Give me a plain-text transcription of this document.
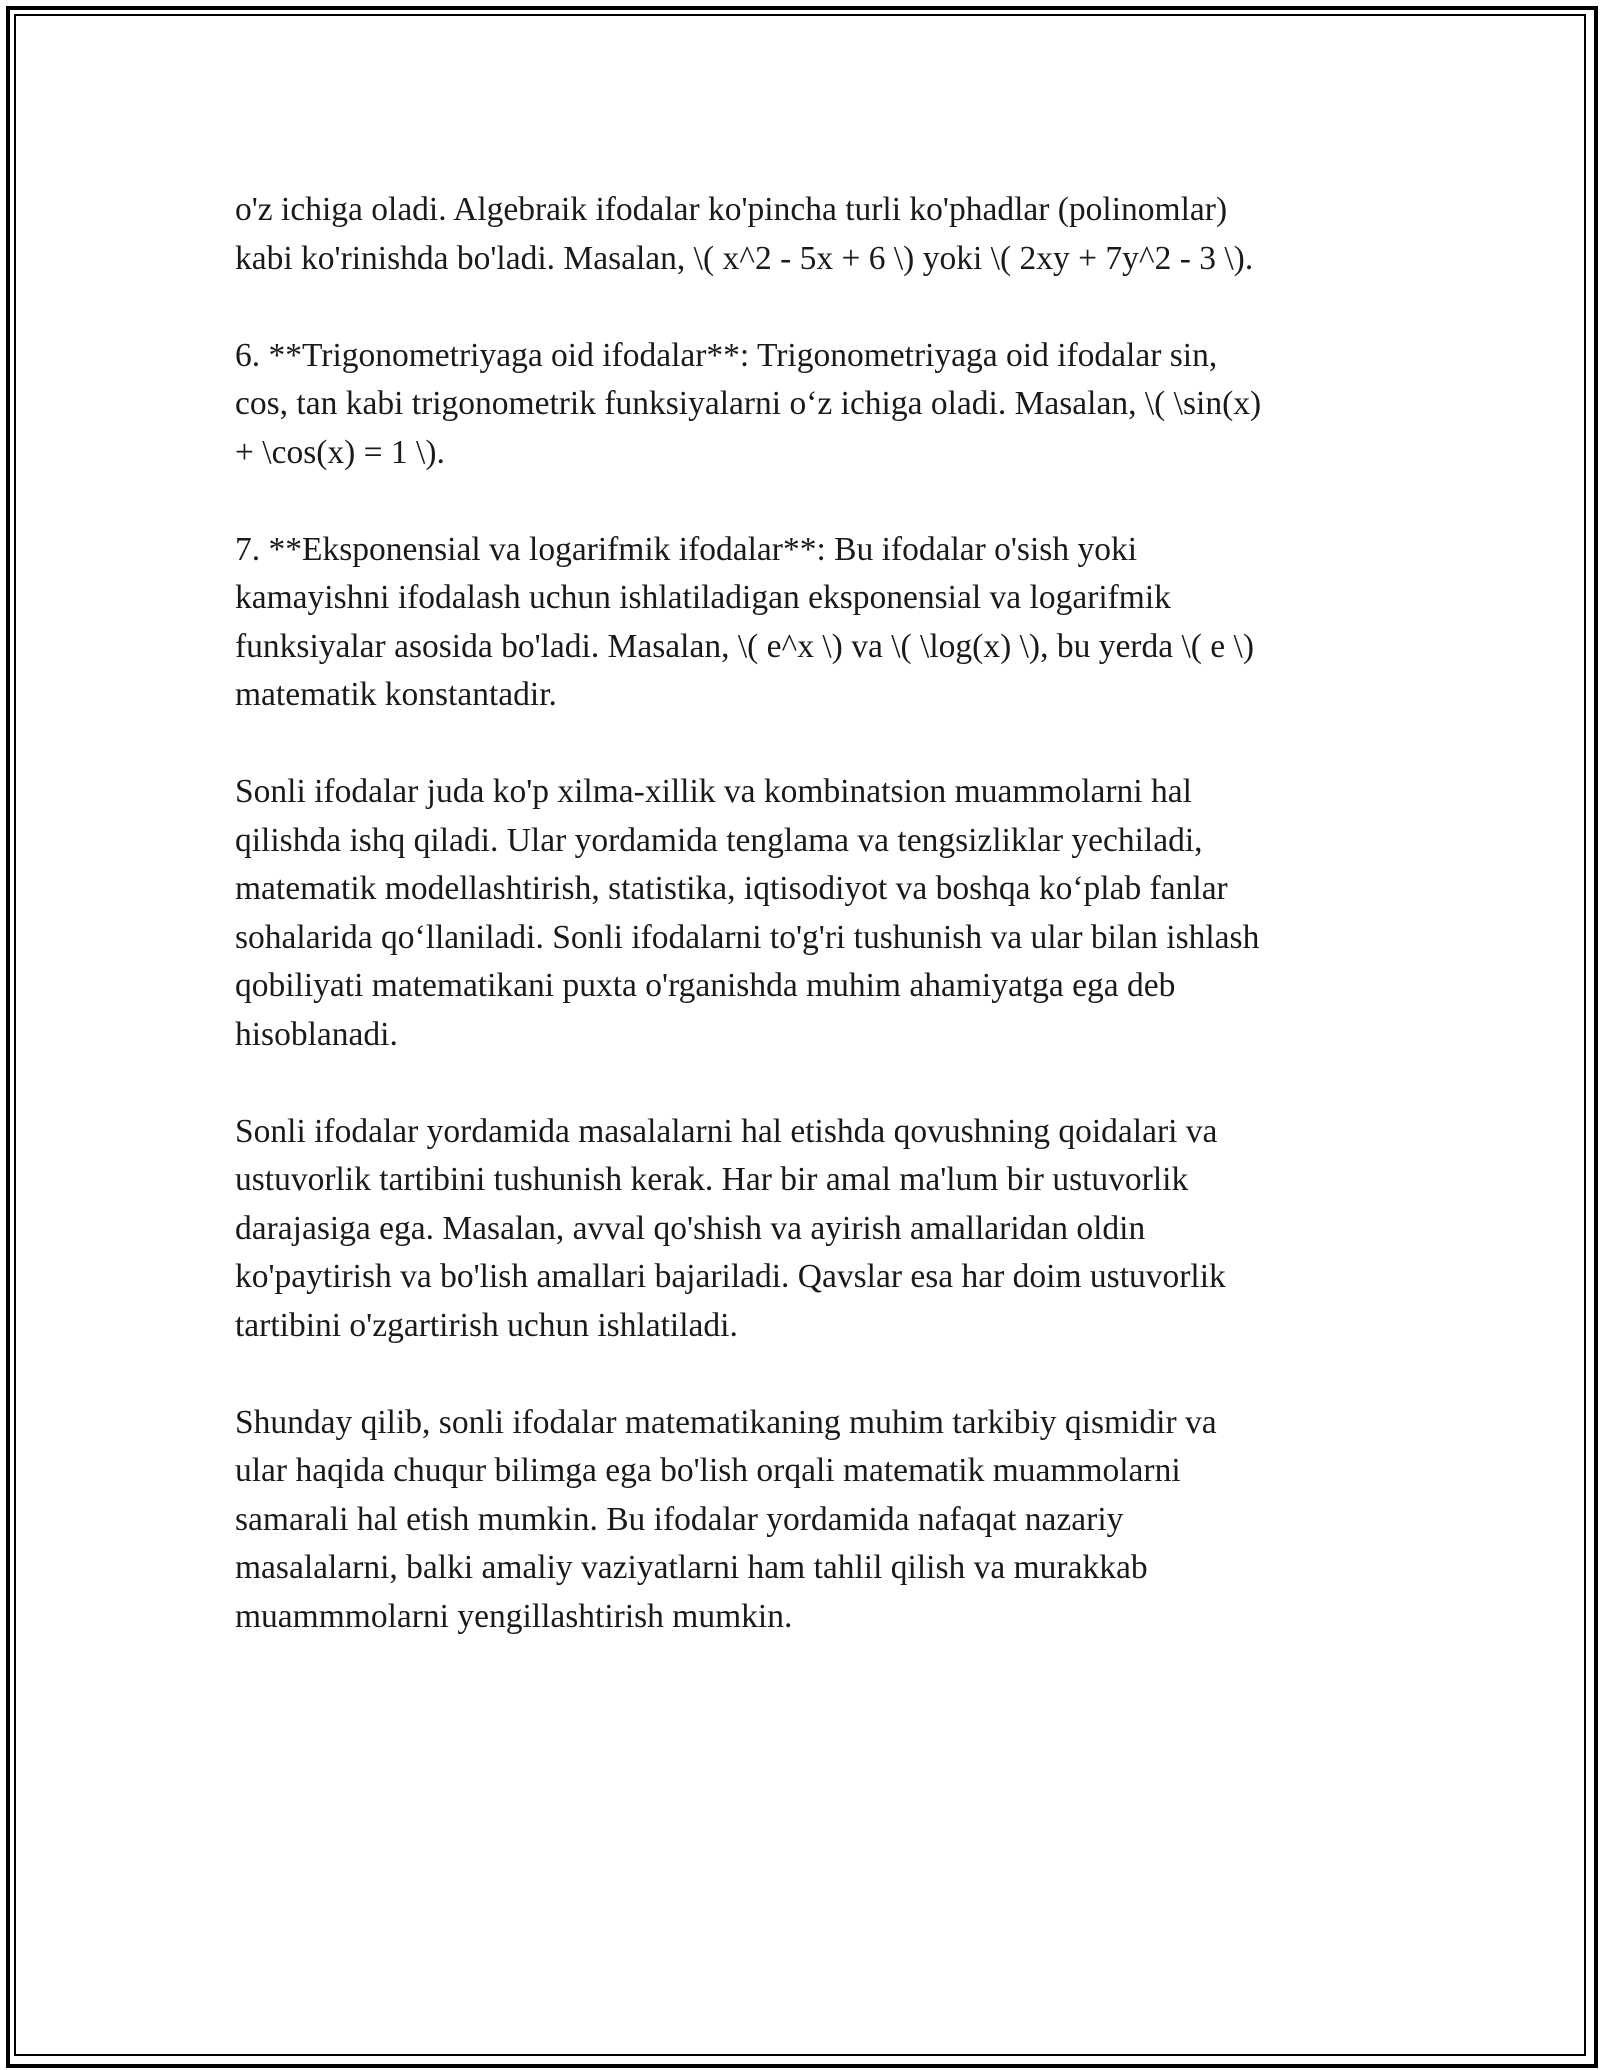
o'z ichiga oladi. Algebraik ifodalar ko'pincha turli ko'phadlar (polinomlar)
kabi ko'rinishda bo'ladi. Masalan, \( x^2 - 5x + 6 \) yoki \( 2xy + 7y^2 - 3 \).

6. **Trigonometriyaga oid ifodalar**: Trigonometriyaga oid ifodalar sin,
cos, tan kabi trigonometrik funksiyalarni o‘z ichiga oladi. Masalan, \( \sin(x)
+ \cos(x) = 1 \).

7. **Eksponensial va logarifmik ifodalar**: Bu ifodalar o'sish yoki
kamayishni ifodalash uchun ishlatiladigan eksponensial va logarifmik
funksiyalar asosida bo'ladi. Masalan, \( e^x \) va \( \log(x) \), bu yerda \( e \)
matematik konstantadir.

Sonli ifodalar juda ko'p xilma-xillik va kombinatsion muammolarni hal
qilishda ishq qiladi. Ular yordamida tenglama va tengsizliklar yechiladi,
matematik modellashtirish, statistika, iqtisodiyot va boshqa ko‘plab fanlar
sohalarida qo‘llaniladi. Sonli ifodalarni to'g'ri tushunish va ular bilan ishlash
qobiliyati matematikani puxta o'rganishda muhim ahamiyatga ega deb
hisoblanadi.

Sonli ifodalar yordamida masalalarni hal etishda qovushning qoidalari va
ustuvorlik tartibini tushunish kerak. Har bir amal ma'lum bir ustuvorlik
darajasiga ega. Masalan, avval qo'shish va ayirish amallaridan oldin
ko'paytirish va bo'lish amallari bajariladi. Qavslar esa har doim ustuvorlik
tartibini o'zgartirish uchun ishlatiladi.

Shunday qilib, sonli ifodalar matematikaning muhim tarkibiy qismidir va
ular haqida chuqur bilimga ega bo'lish orqali matematik muammolarni
samarali hal etish mumkin. Bu ifodalar yordamida nafaqat nazariy
masalalarni, balki amaliy vaziyatlarni ham tahlil qilish va murakkab
muammmolarni yengillashtirish mumkin.
